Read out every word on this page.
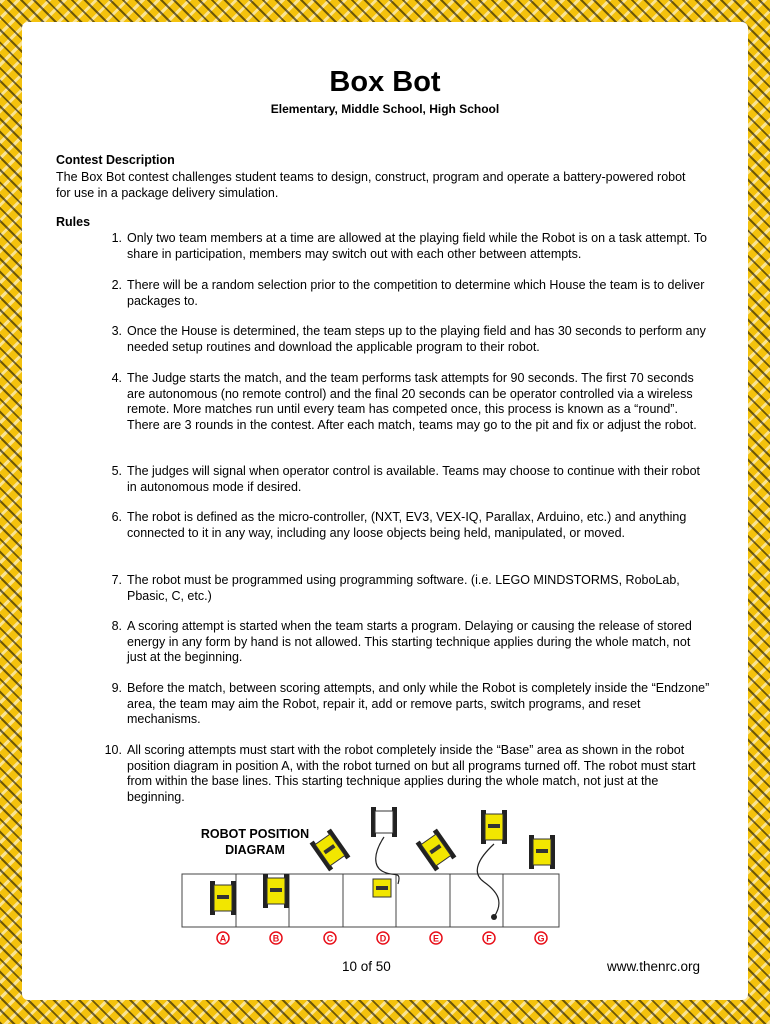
Box Bot
Elementary, Middle School, High School
Contest Description
The Box Bot contest challenges student teams to design, construct, program and operate a battery-powered robot for use in a package delivery simulation.
Rules
1. Only two team members at a time are allowed at the playing field while the Robot is on a task attempt. To share in participation, members may switch out with each other between attempts.
2. There will be a random selection prior to the competition to determine which House the team is to deliver packages to.
3. Once the House is determined, the team steps up to the playing field and has 30 seconds to perform any needed setup routines and download the applicable program to their robot.
4. The Judge starts the match, and the team performs task attempts for 90 seconds. The first 70 seconds are autonomous (no remote control) and the final 20 seconds can be operator controlled via a wireless remote. More matches run until every team has competed once, this process is known as a “round”. There are 3 rounds in the contest. After each match, teams may go to the pit and fix or adjust the robot.
5. The judges will signal when operator control is available. Teams may choose to continue with their robot in autonomous mode if desired.
6. The robot is defined as the micro-controller, (NXT, EV3, VEX-IQ, Parallax, Arduino, etc.) and anything connected to it in any way, including any loose objects being held, manipulated, or moved.
7. The robot must be programmed using programming software. (i.e. LEGO MINDSTORMS, RoboLab, Pbasic, C, etc.)
8. A scoring attempt is started when the team starts a program. Delaying or causing the release of stored energy in any form by hand is not allowed. This starting technique applies during the whole match, not just at the beginning.
9. Before the match, between scoring attempts, and only while the Robot is completely inside the “Endzone” area, the team may aim the Robot, repair it, add or remove parts, switch programs, and reset mechanisms.
10. All scoring attempts must start with the robot completely inside the “Base” area as shown in the robot position diagram in position A, with the robot turned on but all programs turned off. The robot must start from within the base lines. This starting technique applies during the whole match, not just at the beginning.
ROBOT POSITION DIAGRAM
A	B	C	D	E	F	G
10 of 50	www.thenrc.org
